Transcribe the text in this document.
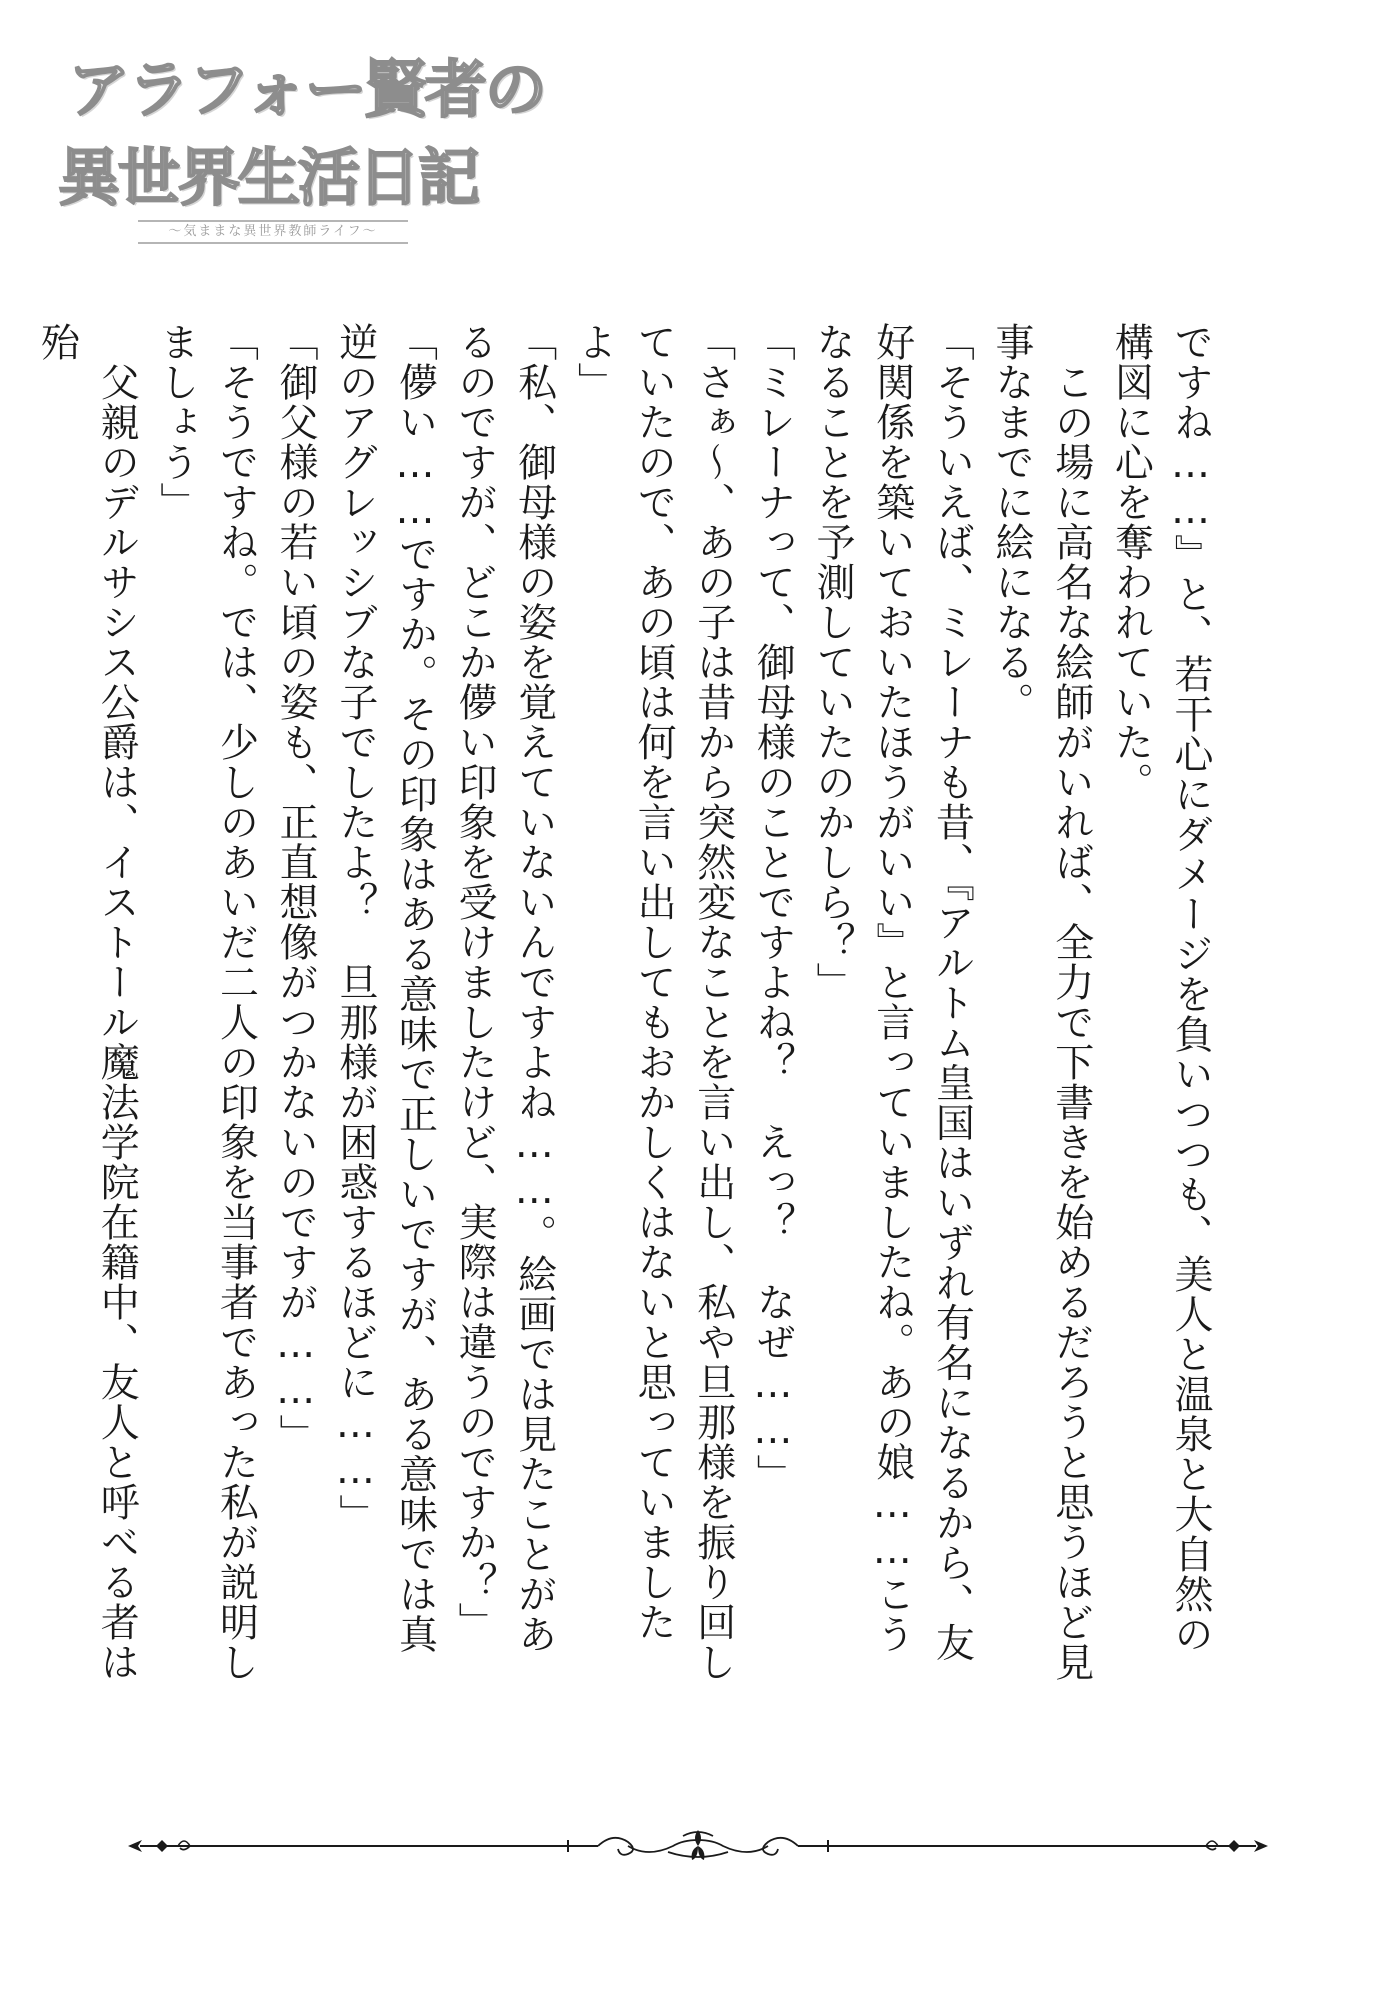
アラフォー賢者の
異世界生活日記
～気ままな異世界教師ライフ～

ですね……』と、若干心にダメージを負いつつも、美人と温泉と大自然の構図に心を奪われていた。

　この場に高名な絵師がいれば、全力で下書きを始めるだろうと思うほど見事なまでに絵になる。

「そういえば、ミレーナも昔、『アルトム皇国はいずれ有名になるから、友好関係を築いておいたほうがいい』と言っていましたね。あの娘……こうなることを予測していたのかしら？」

「ミレーナって、御母様のことですよね？　えっ？　なぜ……」

「さぁ～、あの子は昔から突然変なことを言い出し、私や旦那様を振り回していたので、あの頃は何を言い出してもおかしくはないと思っていましたよ」

「私、御母様の姿を覚えていないんですよね……。絵画では見たことがあるのですが、どこか儚い印象を受けましたけど、実際は違うのですか？」

「儚い……ですか。その印象はある意味で正しいですが、ある意味では真逆のアグレッシブな子でしたよ？　旦那様が困惑するほどに……」

「御父様の若い頃の姿も、正直想像がつかないのですが……」

「そうですね。では、少しのあいだ二人の印象を当事者であった私が説明しましょう」

　父親のデルサシス公爵は、イストール魔法学院在籍中、友人と呼べる者は殆
